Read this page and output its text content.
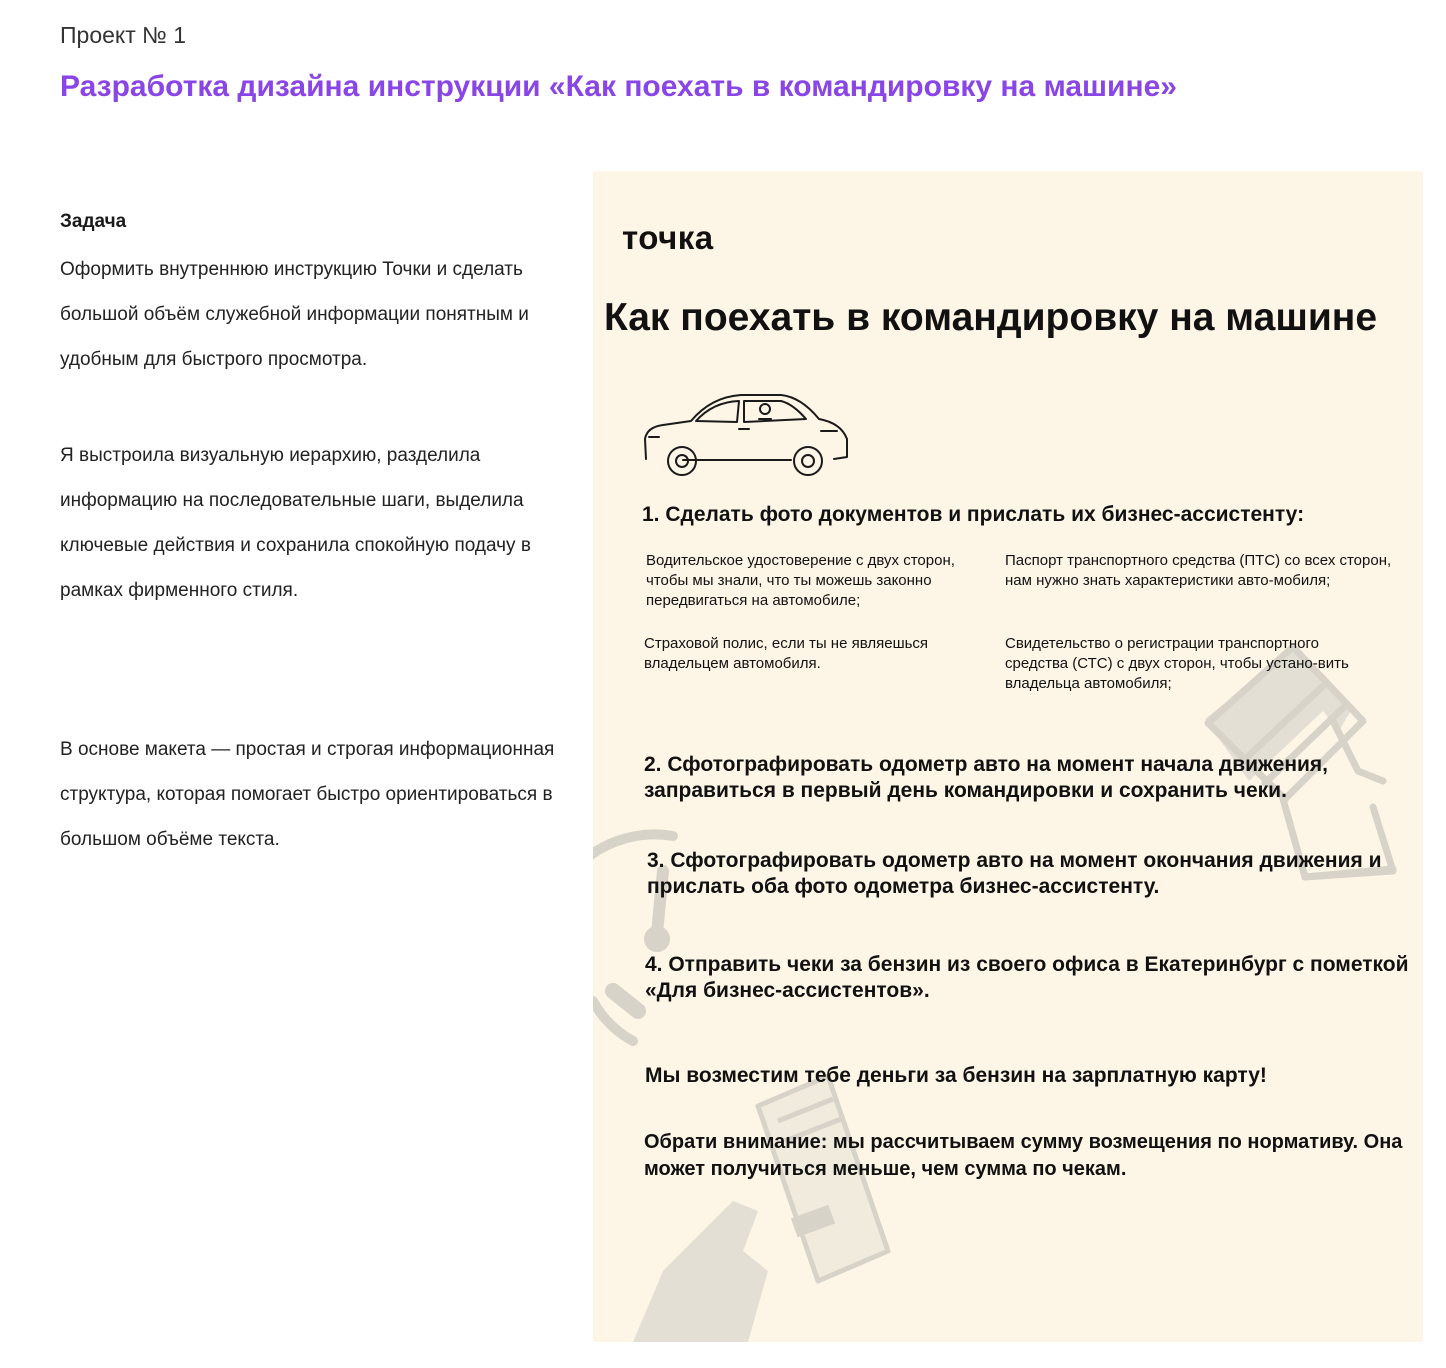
Проект № 1
Разработка дизайна инструкции «Как поехать в командировку на машине»
Задача

Оформить внутреннюю инструкцию Точки и сделать большой объём служебной информации понятным и удобным для быстрого просмотра.

Я выстроила визуальную иерархию, разделила информацию на последовательные шаги, выделила ключевые действия и сохранила спокойную подачу в рамках фирменного стиля.

В основе макета — простая и строгая информационная структура, которая помогает быстро ориентироваться в большом объёме текста.

точка
Как поехать в командировку на машине
1. Сделать фото документов и прислать их бизнес-ассистенту:
Водительское удостоверение с двух сторон, чтобы мы знали, что ты можешь законно передвигаться на автомобиле;
Паспорт транспортного средства (ПТС) со всех сторон, нам нужно знать характеристики авто-мобиля;
Страховой полис, если ты не являешься владельцем автомобиля.
Свидетельство о регистрации транспортного средства (СТС) с двух сторон, чтобы устано-вить владельца автомобиля;
2. Сфотографировать одометр авто на момент начала движения, заправиться в первый день командировки и сохранить чеки.
3. Сфотографировать одометр авто на момент окончания движения и прислать оба фото одометра бизнес-ассистенту.
4. Отправить чеки за бензин из своего офиса в Екатеринбург с пометкой «Для бизнес-ассистентов».
Мы возместим тебе деньги за бензин на зарплатную карту!
Обрати внимание: мы рассчитываем сумму возмещения по нормативу. Она может получиться меньше, чем сумма по чекам.
